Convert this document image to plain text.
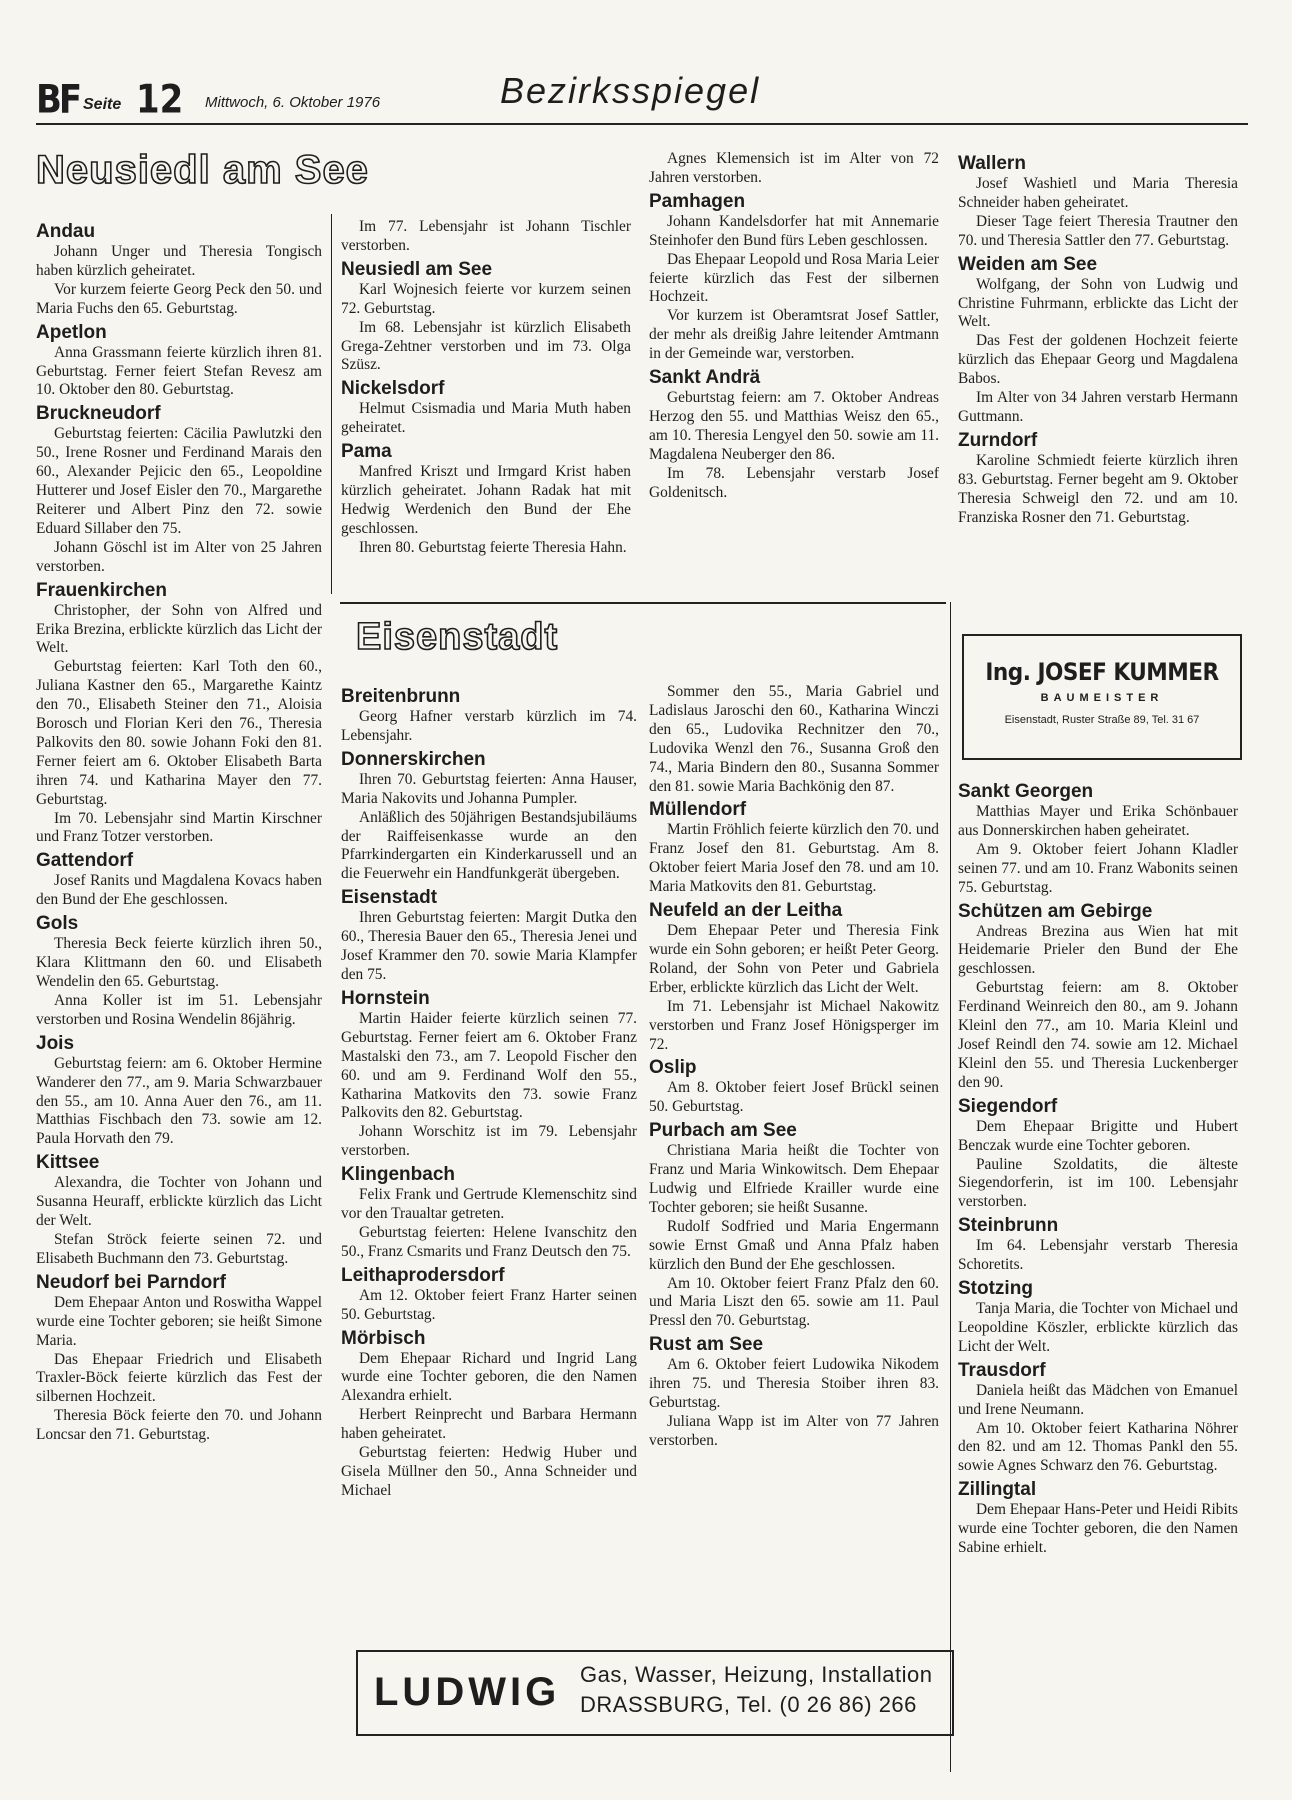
BF Seite 12 Mittwoch, 6. Oktober 1976	Bezirksspiegel
Neusiedl am See
Andau

Johann Unger und Theresia Tongisch haben kürzlich geheiratet.

Vor kurzem feierte Georg Peck den 50. und Maria Fuchs den 65. Geburtstag.

Apetlon

Anna Grassmann feierte kürzlich ihren 81. Geburtstag. Ferner feiert Stefan Revesz am 10. Oktober den 80. Geburtstag.

Bruckneudorf

Geburtstag feierten: Cäcilia Pawlutzki den 50., Irene Rosner und Ferdinand Marais den 60., Alexander Pejicic den 65., Leopoldine Hutterer und Josef Eisler den 70., Margarethe Reiterer und Albert Pinz den 72. sowie Eduard Sillaber den 75.

Johann Göschl ist im Alter von 25 Jahren verstorben.

Frauenkirchen

Christopher, der Sohn von Alfred und Erika Brezina, erblickte kürzlich das Licht der Welt.

Geburtstag feierten: Karl Toth den 60., Juliana Kastner den 65., Margarethe Kaintz den 70., Elisabeth Steiner den 71., Aloisia Borosch und Florian Keri den 76., Theresia Palkovits den 80. sowie Johann Foki den 81. Ferner feiert am 6. Oktober Elisabeth Barta ihren 74. und Katharina Mayer den 77. Geburtstag.

Im 70. Lebensjahr sind Martin Kirschner und Franz Totzer verstorben.

Gattendorf

Josef Ranits und Magdalena Kovacs haben den Bund der Ehe geschlossen.

Gols

Theresia Beck feierte kürzlich ihren 50., Klara Klittmann den 60. und Elisabeth Wendelin den 65. Geburtstag.

Anna Koller ist im 51. Lebensjahr verstorben und Rosina Wendelin 86jährig.

Jois

Geburtstag feiern: am 6. Oktober Hermine Wanderer den 77., am 9. Maria Schwarzbauer den 55., am 10. Anna Auer den 76., am 11. Matthias Fischbach den 73. sowie am 12. Paula Horvath den 79.

Kittsee

Alexandra, die Tochter von Johann und Susanna Heuraff, erblickte kürzlich das Licht der Welt.

Stefan Ströck feierte seinen 72. und Elisabeth Buchmann den 73. Geburtstag.

Neudorf bei Parndorf

Dem Ehepaar Anton und Roswitha Wappel wurde eine Tochter geboren; sie heißt Simone Maria.

Das Ehepaar Friedrich und Elisabeth Traxler-Böck feierte kürzlich das Fest der silbernen Hochzeit.

Theresia Böck feierte den 70. und Johann Loncsar den 71. Geburtstag.

Im 77. Lebensjahr ist Johann Tischler verstorben.

Neusiedl am See

Karl Wojnesich feierte vor kurzem seinen 72. Geburtstag.

Im 68. Lebensjahr ist kürzlich Elisabeth Grega-Zehtner verstorben und im 73. Olga Szüsz.

Nickelsdorf

Helmut Csismadia und Maria Muth haben geheiratet.

Pama

Manfred Kriszt und Irmgard Krist haben kürzlich geheiratet. Johann Radak hat mit Hedwig Werdenich den Bund der Ehe geschlossen.

Ihren 80. Geburtstag feierte Theresia Hahn.

Agnes Klemensich ist im Alter von 72 Jahren verstorben.

Pamhagen

Johann Kandelsdorfer hat mit Annemarie Steinhofer den Bund fürs Leben geschlossen.

Das Ehepaar Leopold und Rosa Maria Leier feierte kürzlich das Fest der silbernen Hochzeit.

Vor kurzem ist Oberamtsrat Josef Sattler, der mehr als dreißig Jahre leitender Amtmann in der Gemeinde war, verstorben.

Sankt Andrä

Geburtstag feiern: am 7. Oktober Andreas Herzog den 55. und Matthias Weisz den 65., am 10. Theresia Lengyel den 50. sowie am 11. Magdalena Neuberger den 86.

Im 78. Lebensjahr verstarb Josef Goldenitsch.

Wallern

Josef Washietl und Maria Theresia Schneider haben geheiratet.

Dieser Tage feiert Theresia Trautner den 70. und Theresia Sattler den 77. Geburtstag.

Weiden am See

Wolfgang, der Sohn von Ludwig und Christine Fuhrmann, erblickte das Licht der Welt.

Das Fest der goldenen Hochzeit feierte kürzlich das Ehepaar Georg und Magdalena Babos.

Im Alter von 34 Jahren verstarb Hermann Guttmann.

Zurndorf

Karoline Schmiedt feierte kürzlich ihren 83. Geburtstag. Ferner begeht am 9. Oktober Theresia Schweigl den 72. und am 10. Franziska Rosner den 71. Geburtstag.

Eisenstadt
Breitenbrunn

Georg Hafner verstarb kürzlich im 74. Lebensjahr.

Donnerskirchen

Ihren 70. Geburtstag feierten: Anna Hauser, Maria Nakovits und Johanna Pumpler.

Anläßlich des 50jährigen Bestandsjubiläums der Raiffeisenkasse wurde an den Pfarrkindergarten ein Kinderkarussell und an die Feuerwehr ein Handfunkgerät übergeben.

Eisenstadt

Ihren Geburtstag feierten: Margit Dutka den 60., Theresia Bauer den 65., Theresia Jenei und Josef Krammer den 70. sowie Maria Klampfer den 75.

Hornstein

Martin Haider feierte kürzlich seinen 77. Geburtstag. Ferner feiert am 6. Oktober Franz Mastalski den 73., am 7. Leopold Fischer den 60. und am 9. Ferdinand Wolf den 55., Katharina Matkovits den 73. sowie Franz Palkovits den 82. Geburtstag.

Johann Worschitz ist im 79. Lebensjahr verstorben.

Klingenbach

Felix Frank und Gertrude Klemenschitz sind vor den Traualtar getreten.

Geburtstag feierten: Helene Ivanschitz den 50., Franz Csmarits und Franz Deutsch den 75.

Leithaprodersdorf

Am 12. Oktober feiert Franz Harter seinen 50. Geburtstag.

Mörbisch

Dem Ehepaar Richard und Ingrid Lang wurde eine Tochter geboren, die den Namen Alexandra erhielt.

Herbert Reinprecht und Barbara Hermann haben geheiratet.

Geburtstag feierten: Hedwig Huber und Gisela Müllner den 50., Anna Schneider und Michael

Sommer den 55., Maria Gabriel und Ladislaus Jaroschi den 60., Katharina Winczi den 65., Ludovika Rechnitzer den 70., Ludovika Wenzl den 76., Susanna Groß den 74., Maria Bindern den 80., Susanna Sommer den 81. sowie Maria Bachkönig den 87.

Müllendorf

Martin Fröhlich feierte kürzlich den 70. und Franz Josef den 81. Geburtstag. Am 8. Oktober feiert Maria Josef den 78. und am 10. Maria Matkovits den 81. Geburtstag.

Neufeld an der Leitha

Dem Ehepaar Peter und Theresia Fink wurde ein Sohn geboren; er heißt Peter Georg. Roland, der Sohn von Peter und Gabriela Erber, erblickte kürzlich das Licht der Welt.

Im 71. Lebensjahr ist Michael Nakowitz verstorben und Franz Josef Hönigsperger im 72.

Oslip

Am 8. Oktober feiert Josef Brückl seinen 50. Geburtstag.

Purbach am See

Christiana Maria heißt die Tochter von Franz und Maria Winkowitsch. Dem Ehepaar Ludwig und Elfriede Krailler wurde eine Tochter geboren; sie heißt Susanne.

Rudolf Sodfried und Maria Engermann sowie Ernst Gmaß und Anna Pfalz haben kürzlich den Bund der Ehe geschlossen.

Am 10. Oktober feiert Franz Pfalz den 60. und Maria Liszt den 65. sowie am 11. Paul Pressl den 70. Geburtstag.

Rust am See

Am 6. Oktober feiert Ludowika Nikodem ihren 75. und Theresia Stoiber ihren 83. Geburtstag.

Juliana Wapp ist im Alter von 77 Jahren verstorben.

Sankt Georgen

Matthias Mayer und Erika Schönbauer aus Donnerskirchen haben geheiratet.

Am 9. Oktober feiert Johann Kladler seinen 77. und am 10. Franz Wabonits seinen 75. Geburtstag.

Schützen am Gebirge

Andreas Brezina aus Wien hat mit Heidemarie Prieler den Bund der Ehe geschlossen.

Geburtstag feiern: am 8. Oktober Ferdinand Weinreich den 80., am 9. Johann Kleinl den 77., am 10. Maria Kleinl und Josef Reindl den 74. sowie am 12. Michael Kleinl den 55. und Theresia Luckenberger den 90.

Siegendorf

Dem Ehepaar Brigitte und Hubert Benczak wurde eine Tochter geboren.

Pauline Szoldatits, die älteste Siegendorferin, ist im 100. Lebensjahr verstorben.

Steinbrunn

Im 64. Lebensjahr verstarb Theresia Schoretits.

Stotzing

Tanja Maria, die Tochter von Michael und Leopoldine Köszler, erblickte kürzlich das Licht der Welt.

Trausdorf

Daniela heißt das Mädchen von Emanuel und Irene Neumann.

Am 10. Oktober feiert Katharina Nöhrer den 82. und am 12. Thomas Pankl den 55. sowie Agnes Schwarz den 76. Geburtstag.

Zillingtal

Dem Ehepaar Hans-Peter und Heidi Ribits wurde eine Tochter geboren, die den Namen Sabine erhielt.

Ing. JOSEF KUMMER
BAUMEISTER
Eisenstadt, Ruster Straße 89, Tel. 31 67
LUDWIG Gas, Wasser, Heizung, Installation
DRASSBURG, Tel. (0 26 86) 266
